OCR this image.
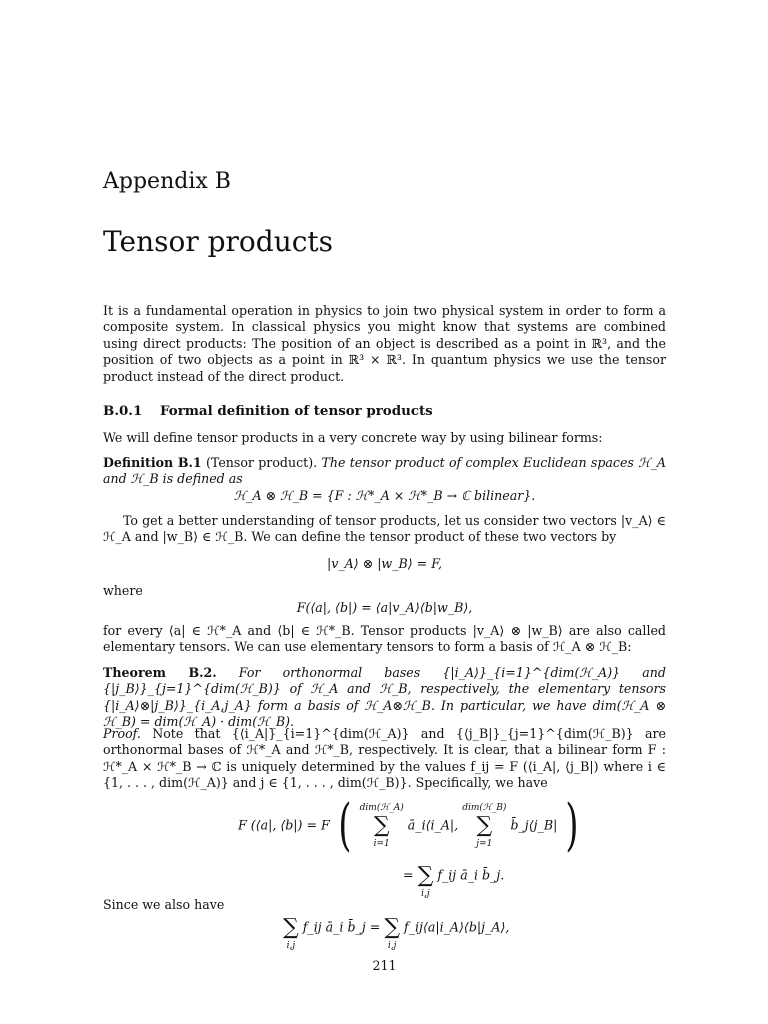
Appendix B
Tensor products

It is a fundamental operation in physics to join two physical system in order to form a composite system. In classical physics you might know that systems are combined using direct products: The position of an object is described as a point in ℝ³, and the position of two objects as a point in ℝ³ × ℝ³. In quantum physics we use the tensor product instead of the direct product.

B.0.1 Formal definition of tensor products

We will define tensor products in a very concrete way by using bilinear forms:

Definition B.1 (Tensor product). The tensor product of complex Euclidean spaces ℋ_A and ℋ_B is defined as

ℋ_A ⊗ ℋ_B = {F : ℋ*_A × ℋ*_B → ℂ bilinear}.

To get a better understanding of tensor products, let us consider two vectors |v_A⟩ ∈ ℋ_A and |w_B⟩ ∈ ℋ_B. We can define the tensor product of these two vectors by

|v_A⟩ ⊗ |w_B⟩ = F,

where

F(⟨a|, ⟨b|) = ⟨a|v_A⟩⟨b|w_B⟩,

for every ⟨a| ∈ ℋ*_A and ⟨b| ∈ ℋ*_B. Tensor products |v_A⟩ ⊗ |w_B⟩ are also called elementary tensors. We can use elementary tensors to form a basis of ℋ_A ⊗ ℋ_B:

Theorem B.2. For orthonormal bases {|i_A⟩}_{i=1}^{dim(ℋ_A)} and {|j_B⟩}_{j=1}^{dim(ℋ_B)} of ℋ_A and ℋ_B, respectively, the elementary tensors {|i_A⟩⊗|j_B⟩}_{i_A,j_A} form a basis of ℋ_A⊗ℋ_B. In particular, we have dim(ℋ_A ⊗ ℋ_B) = dim(ℋ_A) · dim(ℋ_B).

Proof. Note that {⟨i_A|}_{i=1}^{dim(ℋ_A)} and {⟨j_B|}_{j=1}^{dim(ℋ_B)} are orthonormal bases of ℋ*_A and ℋ*_B, respectively. It is clear, that a bilinear form F : ℋ*_A × ℋ*_B → ℂ is uniquely determined by the values f_ij = F (⟨i_A|, ⟨j_B|) where i ∈ {1, . . . , dim(ℋ_A)} and j ∈ {1, . . . , dim(ℋ_B)}. Specifically, we have

F (⟨a|, ⟨b|) = F ( dim(ℋ_A)
∑
i=1
ā_i⟨i_A|,
dim(ℋ_B)
∑
j=1
b̄_j⟨j_B| )
=
∑
i,j
f_ij ā_i b̄_j.

Since we also have

∑
i,j
f_ij ā_i b̄_j =
∑
i,j
f_ij⟨a|i_A⟩⟨b|j_A⟩,
211
